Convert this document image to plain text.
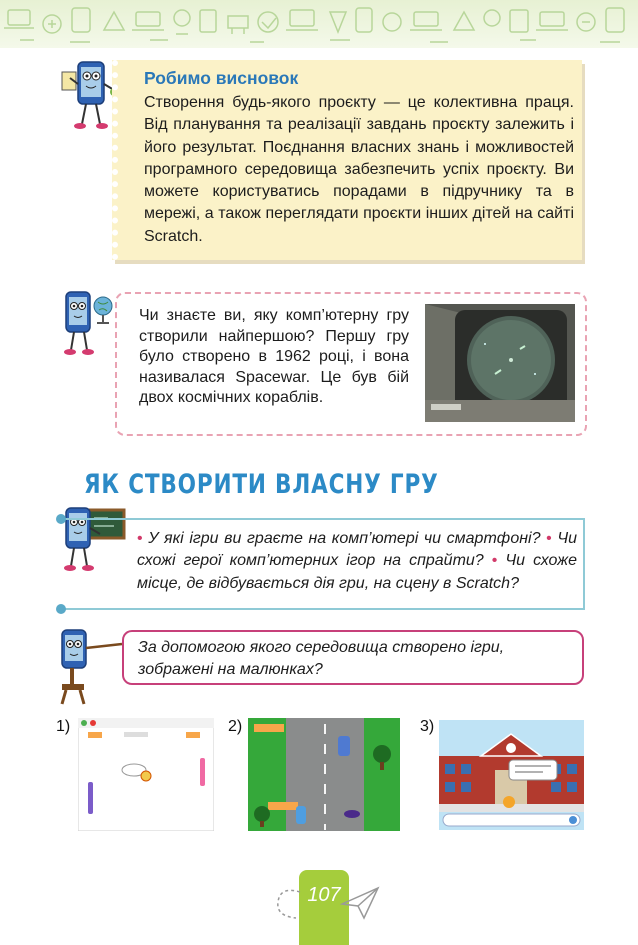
Робимо висновок
Створення будь-якого проєкту — це колективна праця. Від планування та реалізації завдань проєкту залежить і його результат. Поєднання власних знань і можливостей програмного середовища забезпечить успіх проєкту. Ви можете користуватись порадами в підручнику та в мережі, а також переглядати проєкти інших дітей на сайті Scratch.
Чи знаєте ви, яку комп’ютерну гру створили найпершою? Першу гру було створено в 1962 році, і вона називалася Spacewar. Це був бій двох космічних кораблів.
ЯК СТВОРИТИ ВЛАСНУ ГРУ
• У які ігри ви граєте на комп’ютері чи смартфоні? • Чи схожі герої комп’ютерних ігор на спрайти? • Чи схоже місце, де відбувається дія гри, на сцену в Scratch?
За допомогою якого середовища створено ігри, зображені на малюнках?
1)	2)	3)
107
